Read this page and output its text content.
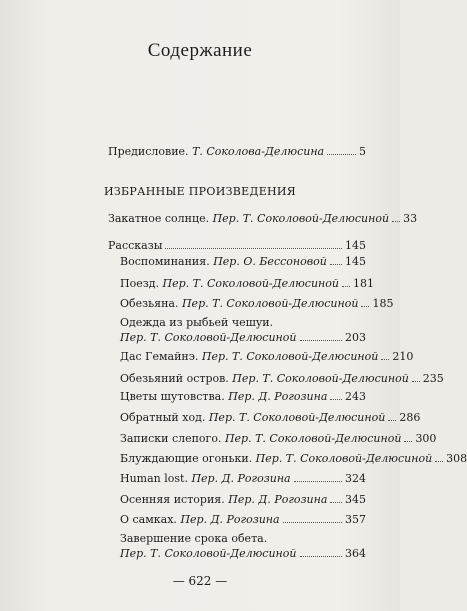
Содержание
Предисловие. Т. Соколова-Делюсина	5
ИЗБРАННЫЕ ПРОИЗВЕДЕНИЯ
Закатное солнце. Пер. Т. Соколовой-Делюсиной 33
Рассказы	145
Воспоминания. Пер. О. Бессоновой 145
Поезд. Пер. Т. Соколовой-Делюсиной 181
Обезьяна. Пер. Т. Соколовой-Делюсиной 185
Одежда из рыбьей чешуи.
Пер. Т. Соколовой-Делюсиной	203
Дас Гемайнэ. Пер. Т. Соколовой-Делюсиной 210
Обезьяний остров. Пер. Т. Соколовой-Делюсиной 235
Цветы шутовства. Пер. Д. Рогозина 243
Обратный ход. Пер. Т. Соколовой-Делюсиной 286
Записки слепого. Пер. Т. Соколовой-Делюсиной 300
Блуждающие огоньки. Пер. Т. Соколовой-Делюсиной 308
Human lost. Пер. Д. Рогозина	324
Осенняя история. Пер. Д. Рогозина 345
О самках. Пер. Д. Рогозина	357
Завершение срока обета.
Пер. Т. Соколовой-Делюсиной	364
— 622 —
